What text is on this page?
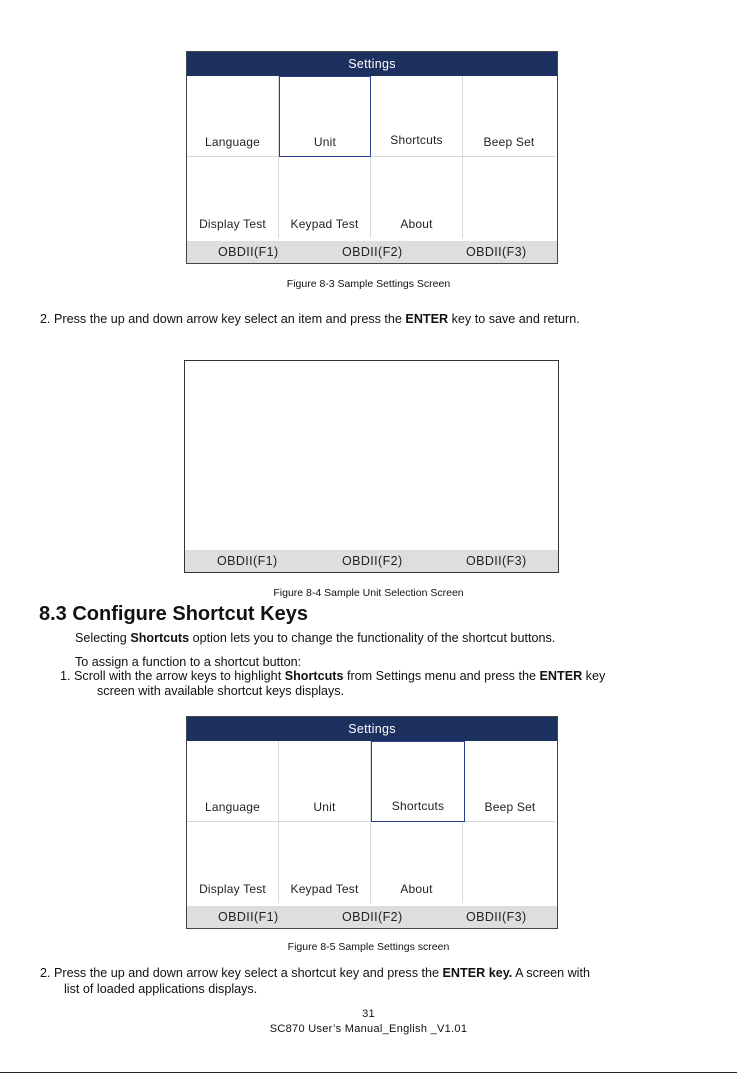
Settings
Language	Unit	Shortcuts	Beep Set
Display Test	Keypad Test	About
OBDII(F1)	OBDII(F2)	OBDII(F3)
Figure 8-3 Sample Settings Screen
2. Press the up and down arrow key select an item and press the ENTER key to save and return.
OBDII(F1)	OBDII(F2)	OBDII(F3)
Figure 8-4 Sample Unit Selection Screen
8.3 Configure Shortcut Keys
Selecting Shortcuts option lets you to change the functionality of the shortcut buttons.
To assign a function to a shortcut button:
1. Scroll with the arrow keys to highlight Shortcuts from Settings menu and press the ENTER key
screen with available shortcut keys displays.
Settings
Language	Unit	Shortcuts	Beep Set
Display Test	Keypad Test	About
OBDII(F1)	OBDII(F2)	OBDII(F3)
Figure 8-5 Sample Settings screen
2. Press the up and down arrow key select a shortcut key and press the ENTER key. A screen with
list of loaded applications displays.
31
SC870 User’s Manual_English _V1.01
